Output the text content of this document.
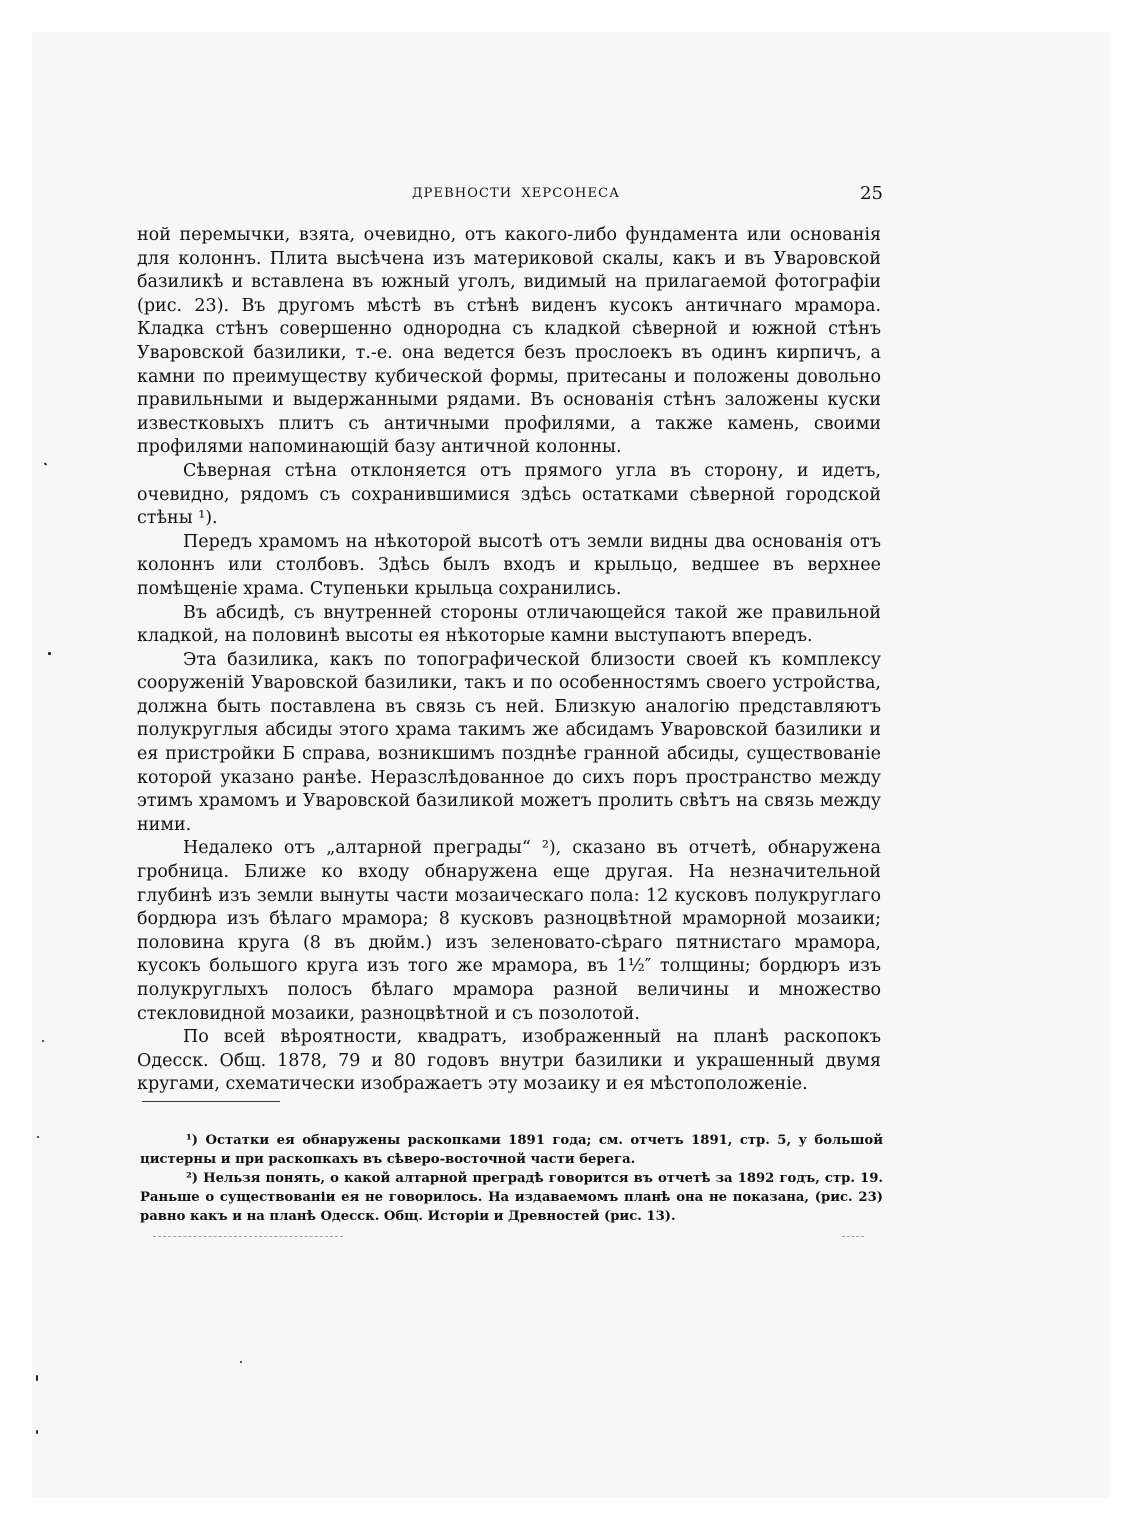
ДРЕВНОСТИ ХЕРСОНЕСА	25

ной перемычки, взята, очевидно, отъ какого-либо фундамента или основанія для колоннъ. Плита высѣчена изъ материковой скалы, какъ и въ Уваровской базиликѣ и вставлена въ южный уголъ, видимый на прилагаемой фотографіи (рис. 23). Въ другомъ мѣстѣ въ стѣнѣ виденъ кусокъ античнаго мрамора. Кладка стѣнъ совершенно однородна съ кладкой сѣверной и южной стѣнъ Уваровской базилики, т.-е. она ведется безъ прослоекъ въ одинъ кирпичъ, а камни по преимуществу кубической формы, притесаны и положены довольно правильными и выдержанными рядами. Въ основанія стѣнъ заложены куски известковыхъ плитъ съ античными профилями, а также камень, своими профилями напоминающій базу античной колонны.

Сѣверная стѣна отклоняется отъ прямого угла въ сторону, и идетъ, очевидно, рядомъ съ сохранившимися здѣсь остатками сѣверной городской стѣны ¹).

Передъ храмомъ на нѣкоторой высотѣ отъ земли видны два основанія отъ колоннъ или столбовъ. Здѣсь былъ входъ и крыльцо, ведшее въ верхнее помѣщеніе храма. Ступеньки крыльца сохранились.

Въ абсидѣ, съ внутренней стороны отличающейся такой же правильной кладкой, на половинѣ высоты ея нѣкоторые камни выступаютъ впередъ.

Эта базилика, какъ по топографической близости своей къ комплексу сооруженій Уваровской базилики, такъ и по особенностямъ своего устройства, должна быть поставлена въ связь съ ней. Близкую аналогію представляютъ полукруглыя абсиды этого храма такимъ же абсидамъ Уваровской базилики и ея пристройки Б справа, возникшимъ позднѣе гранной абсиды, существованіе которой указано ранѣе. Неразслѣдованное до сихъ поръ пространство между этимъ храмомъ и Уваровской базиликой можетъ пролить свѣтъ на связь между ними.

Недалеко отъ „алтарной преграды“ ²), сказано въ отчетѣ, обнаружена гробница. Ближе ко входу обнаружена еще другая. На незначительной глубинѣ изъ земли вынуты части мозаическаго пола: 12 кусковъ полукруглаго бордюра изъ бѣлаго мрамора; 8 кусковъ разноцвѣтной мраморной мозаики; половина круга (8 въ дюйм.) изъ зеленовато-сѣраго пятнистаго мрамора, кусокъ большого круга изъ того же мрамора, въ 1½″ толщины; бордюръ изъ полукруглыхъ полосъ бѣлаго мрамора разной величины и множество стекловидной мозаики, разноцвѣтной и съ позолотой.

По всей вѣроятности, квадратъ, изображенный на планѣ раскопокъ Одесск. Общ. 1878, 79 и 80 годовъ внутри базилики и украшенный двумя кругами, схематически изображаетъ эту мозаику и ея мѣстоположеніе.

¹) Остатки ея обнаружены раскопками 1891 года; см. отчетъ 1891, стр. 5, у большой цистерны и при раскопкахъ въ сѣверо-восточной части берега.

²) Нельзя понять, о какой алтарной преградѣ говорится въ отчетѣ за 1892 годъ, стр. 19. Раньше о существованіи ея не говорилось. На издаваемомъ планѣ она не показана, (рис. 23) равно какъ и на планѣ Одесск. Общ. Исторіи и Древностей (рис. 13).
